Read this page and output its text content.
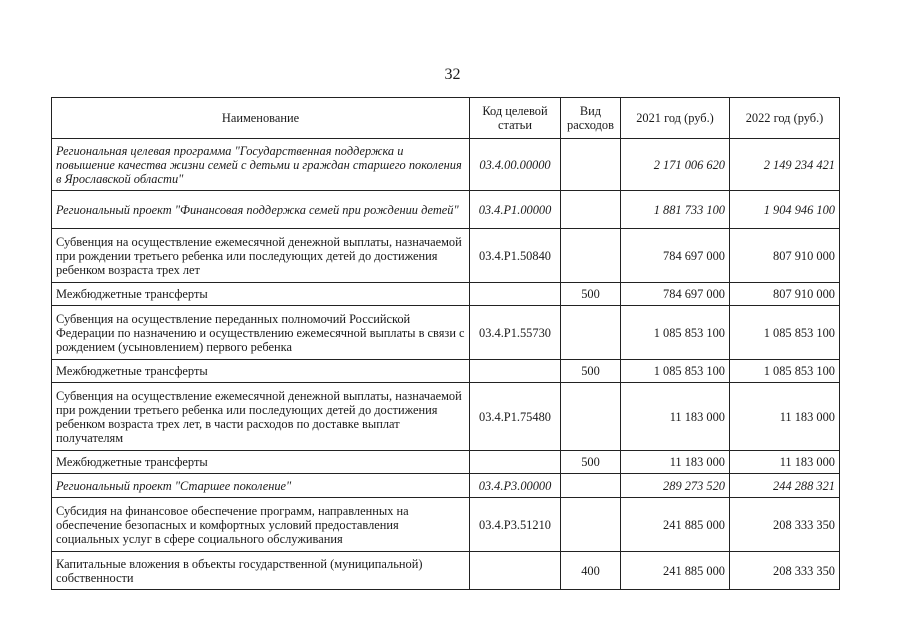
32
Наименование	Код целевой статьи	Вид расходов	2021 год (руб.)	2022 год (руб.)
Региональная целевая программа "Государственная поддержка и повышение качества жизни семей с детьми и граждан старшего поколения в Ярославской области"	03.4.00.00000		2 171 006 620	2 149 234 421
Региональный проект "Финансовая поддержка семей при рождении детей"	03.4.P1.00000		1 881 733 100	1 904 946 100
Субвенция на осуществление ежемесячной денежной выплаты, назначаемой при рождении третьего ребенка или последующих детей до достижения ребенком возраста трех лет	03.4.P1.50840		784 697 000	807 910 000
Межбюджетные трансферты		500	784 697 000	807 910 000
Субвенция на осуществление переданных полномочий Российской Федерации по назначению и осуществлению ежемесячной выплаты в связи с рождением (усыновлением) первого ребенка	03.4.P1.55730		1 085 853 100	1 085 853 100
Межбюджетные трансферты		500	1 085 853 100	1 085 853 100
Субвенция на осуществление ежемесячной денежной выплаты, назначаемой при рождении третьего ребенка или последующих детей до достижения ребенком возраста трех лет, в части расходов по доставке выплат получателям	03.4.P1.75480		11 183 000	11 183 000
Межбюджетные трансферты		500	11 183 000	11 183 000
Региональный проект "Старшее поколение"	03.4.P3.00000		289 273 520	244 288 321
Субсидия на финансовое обеспечение программ, направленных на обеспечение безопасных и комфортных условий предоставления социальных услуг в сфере социального обслуживания	03.4.P3.51210		241 885 000	208 333 350
Капитальные вложения в объекты государственной (муниципальной) собственности		400	241 885 000	208 333 350
